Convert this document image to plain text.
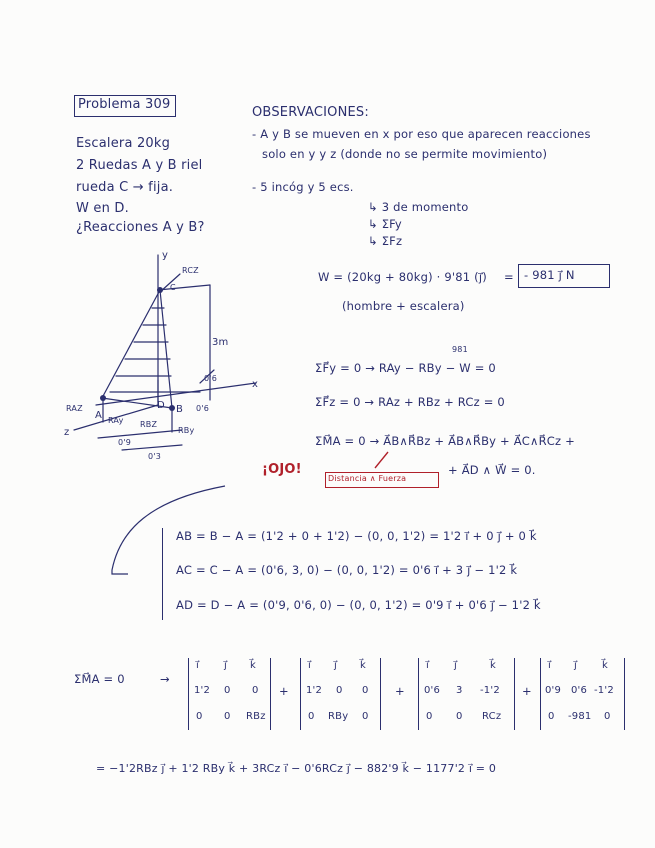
Problema 309
Escalera 20kg
2 Ruedas A y B riel
rueda C → fija.
W en D.
¿Reacciones A y B?
OBSERVACIONES:
- A y B se mueven en x por eso que aparecen reacciones
solo en y y z (donde no se permite movimiento)
- 5 incóg y 5 ecs.
↳ 3 de momento
↳ ΣFy
↳ ΣFz
W = (20kg + 80kg) · 9'81 (j⃗) = - 981 j⃗ N
(hombre + escalera)
981
ΣF⃗y = 0 → RAy − RBy − W = 0
ΣF⃗z = 0 → RAz + RBz + RCz = 0
ΣM⃗A = 0 → A⃗B∧R⃗Bz + A⃗B∧R⃗By + A⃗C∧R⃗Cz +
+ A⃗D ∧ W⃗ = 0.
¡OJO!
Distancia ∧ Fuerza
AB = B − A = (1'2 + 0 + 1'2) − (0, 0, 1'2) = 1'2 i⃗ + 0 j⃗ + 0 k⃗
AC = C − A = (0'6, 3, 0) − (0, 0, 1'2) = 0'6 i⃗ + 3 j⃗ − 1'2 k⃗
AD = D − A = (0'9, 0'6, 0) − (0, 0, 1'2) = 0'9 i⃗ + 0'6 j⃗ − 1'2 k⃗
ΣM⃗A = 0	→
i⃗	j⃗ k⃗
1'2 0 0
0 0 RBz
+
i⃗ j⃗ k⃗
1'2 0 0
0 RBy 0
+
i⃗	j⃗	k⃗
0'6 3 -1'2
0 0 RCz
+
i⃗ j⃗	k⃗
0'9 0'6 -1'2
0 -981 0
= −1'2RBz j⃗ + 1'2 RBy k⃗ + 3RCz i⃗ − 0'6RCz j⃗ − 882'9 k⃗ − 1177'2 i⃗ = 0
y
x
z
C
RCZ
3m
D
A
B
RBZ
RBy
RAZ
RAy
0'6
0'6
0'9
0'3
